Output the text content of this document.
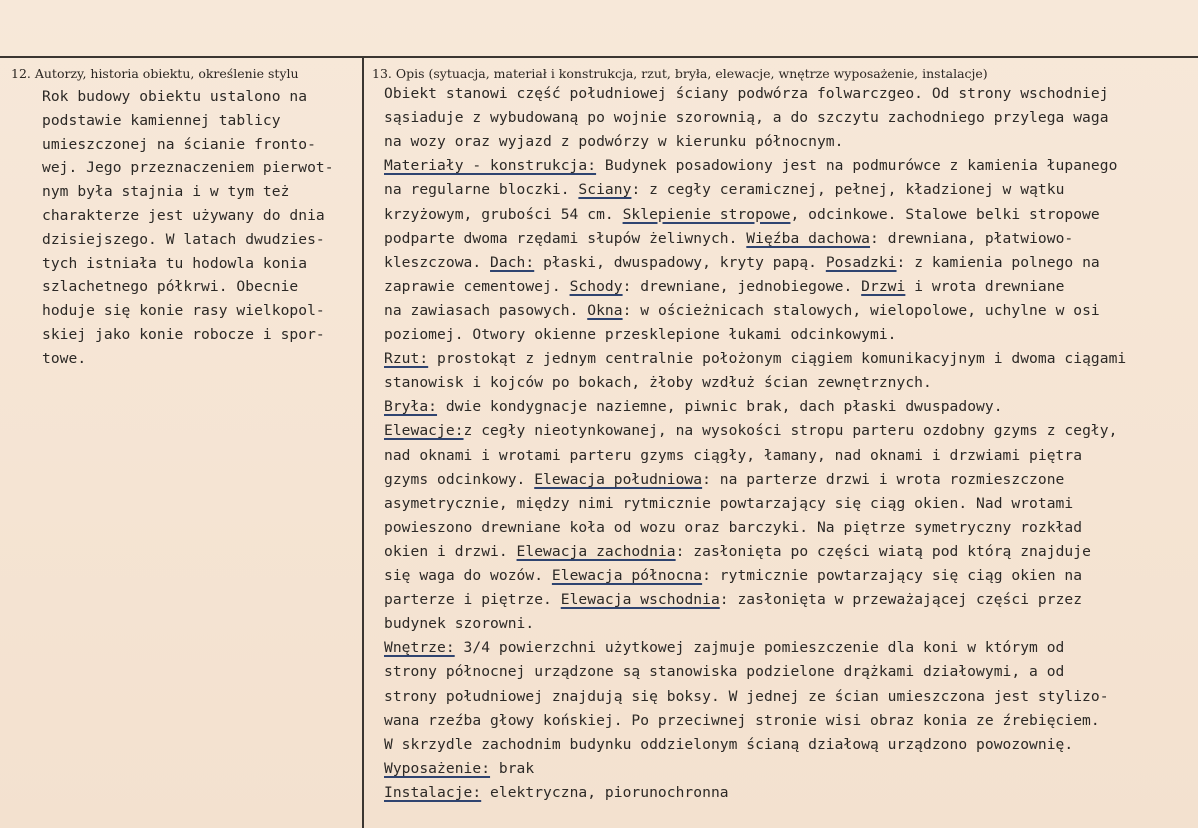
12. Autorzy, historia obiektu, określenie stylu	13. Opis (sytuacja, materiał i konstrukcja, rzut, bryła, elewacje, wnętrze wyposażenie, instalacje)
Rok budowy obiektu ustalono na
podstawie kamiennej tablicy
umieszczonej na ścianie fronto-
wej. Jego przeznaczeniem pierwot-
nym była stajnia i w tym też
charakterze jest używany do dnia
dzisiejszego. W latach dwudzies-
tych istniała tu hodowla konia
szlachetnego półkrwi. Obecnie
hoduje się konie rasy wielkopol-
skiej jako konie robocze i spor-
towe.
Obiekt stanowi część południowej ściany podwórza folwarczgeo. Od strony wschodniej
sąsiaduje z wybudowaną po wojnie szorownią, a do szczytu zachodniego przylega waga
na wozy oraz wyjazd z podwórzy w kierunku północnym.
Materiały - konstrukcja: Budynek posadowiony jest na podmurówce z kamienia łupanego
na regularne bloczki. Sciany: z cegły ceramicznej, pełnej, kładzionej w wątku
krzyżowym, grubości 54 cm. Sklepienie stropowe, odcinkowe. Stalowe belki stropowe
podparte dwoma rzędami słupów żeliwnych. Więźba dachowa: drewniana, płatwiowo-
kleszczowa. Dach: płaski, dwuspadowy, kryty papą. Posadzki: z kamienia polnego na
zaprawie cementowej. Schody: drewniane, jednobiegowe. Drzwi i wrota drewniane
na zawiasach pasowych. Okna: w ościeżnicach stalowych, wielopolowe, uchylne w osi
poziomej. Otwory okienne przesklepione łukami odcinkowymi.
Rzut: prostokąt z jednym centralnie położonym ciągiem komunikacyjnym i dwoma ciągami
stanowisk i kojców po bokach, żłoby wzdłuż ścian zewnętrznych.
Bryła: dwie kondygnacje naziemne, piwnic brak, dach płaski dwuspadowy.
Elewacje:z cegły nieotynkowanej, na wysokości stropu parteru ozdobny gzyms z cegły,
nad oknami i wrotami parteru gzyms ciągły, łamany, nad oknami i drzwiami piętra
gzyms odcinkowy. Elewacja południowa: na parterze drzwi i wrota rozmieszczone
asymetrycznie, między nimi rytmicznie powtarzający się ciąg okien. Nad wrotami
powieszono drewniane koła od wozu oraz barczyki. Na piętrze symetryczny rozkład
okien i drzwi. Elewacja zachodnia: zasłonięta po części wiatą pod którą znajduje
się waga do wozów. Elewacja północna: rytmicznie powtarzający się ciąg okien na
parterze i piętrze. Elewacja wschodnia: zasłonięta w przeważającej części przez
budynek szorowni.
Wnętrze: 3/4 powierzchni użytkowej zajmuje pomieszczenie dla koni w którym od
strony północnej urządzone są stanowiska podzielone drążkami działowymi, a od
strony południowej znajdują się boksy. W jednej ze ścian umieszczona jest stylizo-
wana rzeźba głowy końskiej. Po przeciwnej stronie wisi obraz konia ze źrebięciem.
W skrzydle zachodnim budynku oddzielonym ścianą działową urządzono powozownię.
Wyposażenie: brak
Instalacje: elektryczna, piorunochronna
